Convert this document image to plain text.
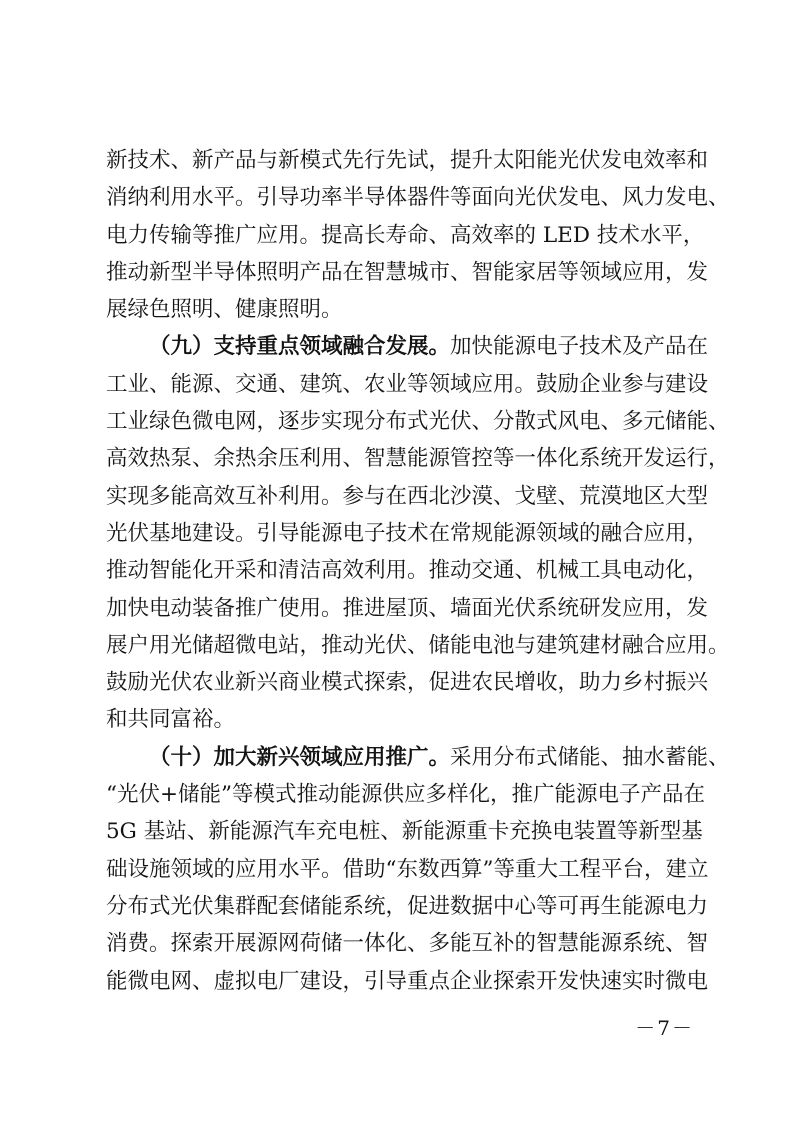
新技术、新产品与新模式先行先试，提升太阳能光伏发电效率和
消纳利用水平。引导功率半导体器件等面向光伏发电、风力发电、
电力传输等推广应用。提高长寿命、高效率的 LED 技术水平，
推动新型半导体照明产品在智慧城市、智能家居等领域应用，发
展绿色照明、健康照明。
（九）支持重点领域融合发展。加快能源电子技术及产品在
工业、能源、交通、建筑、农业等领域应用。鼓励企业参与建设
工业绿色微电网，逐步实现分布式光伏、分散式风电、多元储能、
高效热泵、余热余压利用、智慧能源管控等一体化系统开发运行，
实现多能高效互补利用。参与在西北沙漠、戈壁、荒漠地区大型
光伏基地建设。引导能源电子技术在常规能源领域的融合应用，
推动智能化开采和清洁高效利用。推动交通、机械工具电动化，
加快电动装备推广使用。推进屋顶、墙面光伏系统研发应用，发
展户用光储超微电站，推动光伏、储能电池与建筑建材融合应用。
鼓励光伏农业新兴商业模式探索，促进农民增收，助力乡村振兴
和共同富裕。
（十）加大新兴领域应用推广。采用分布式储能、抽水蓄能、
“光伏+储能”等模式推动能源供应多样化，推广能源电子产品在
5G 基站、新能源汽车充电桩、新能源重卡充换电装置等新型基
础设施领域的应用水平。借助“东数西算”等重大工程平台，建立
分布式光伏集群配套储能系统，促进数据中心等可再生能源电力
消费。探索开展源网荷储一体化、多能互补的智慧能源系统、智
能微电网、虚拟电厂建设，引导重点企业探索开发快速实时微电
－7－
